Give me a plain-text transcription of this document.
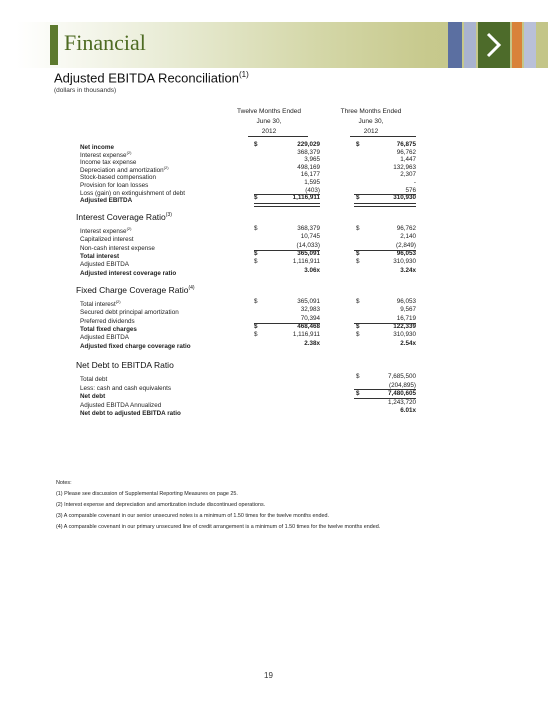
Financial
Adjusted EBITDA Reconciliation$^{(1)}$
(dollars in thousands)
Twelve Months Ended
June 30,
2012
Three Months Ended
June 30,
2012
Net income	$	229,029	$	76,875
Interest expense$^{(2)}$	368,379	96,762
Income tax expense	3,965	1,447
Depreciation and amortization$^{(2)}$	498,169	132,963
Stock-based compensation	16,177	2,307
Provision for loan losses	1,595	-
Loss (gain) on extinguishment of debt	(403)	576
Adjusted EBITDA	$	1,116,911	$	310,930
Interest Coverage Ratio$^{(3)}$
Interest expense$^{(2)}$	$	368,379	$	96,762
Capitalized interest	10,745	2,140
Non-cash interest expense	(14,033)	(2,849)
Total interest	$	365,091	$	96,053
Adjusted EBITDA	$	1,116,911	$	310,930
Adjusted interest coverage ratio	3.06x	3.24x
Fixed Charge Coverage Ratio$^{(4)}$
Total interest$^{(2)}$	$	365,091	$	96,053
Secured debt principal amortization	32,983	9,567
Preferred dividends	70,394	16,719
Total fixed charges	$	468,468	$	122,339
Adjusted EBITDA	$	1,116,911	$	310,930
Adjusted fixed charge coverage ratio	2.38x	2.54x
Net Debt to EBITDA Ratio
Total debt	$	7,685,500
Less: cash and cash equivalents	(204,895)
Net debt	$	7,480,605
Adjusted EBITDA Annualized	1,243,720
Net debt to adjusted EBITDA ratio	6.01x

Notes:

(1) Please see discussion of Supplemental Reporting Measures on page 25.

(2) Interest expense and depreciation and amortization include discontinued operations.

(3) A comparable covenant in our senior unsecured notes is a minimum of 1.50 times for the twelve months ended.

(4) A comparable covenant in our primary unsecured line of credit arrangement is a minimum of 1.50 times for the twelve months ended.

19
